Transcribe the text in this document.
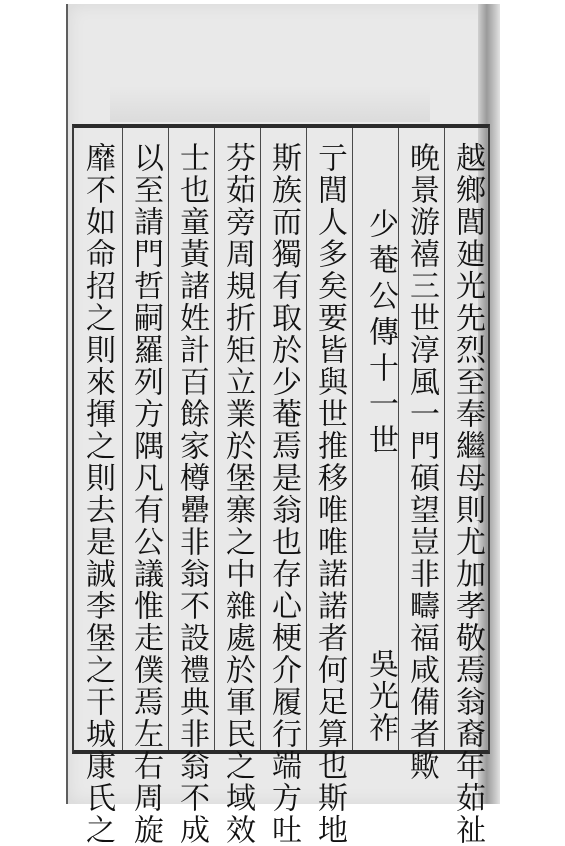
越鄉閭廸光先烈至奉繼母則尤加孝敬焉翁裔年茹祉
晚景游禧三世淳風一門碩望豈非疇福咸備者歟
少菴公傳十一世
吳光祚
亍閭人多矣要皆與世推移唯唯諾諾者何足算也斯地
斯族而獨有取於少菴焉是翁也存心梗介履行端方吐
芬茹旁周規折矩立業於堡寨之中雜處於軍民之域效
士也童黃諸姓計百餘家樽罍非翁不設禮典非翁不成
以至請門哲嗣羅列方隅凡有公議惟走僕焉左右周旋
靡不如命招之則來揮之則去是誠李堡之干城康氏之
